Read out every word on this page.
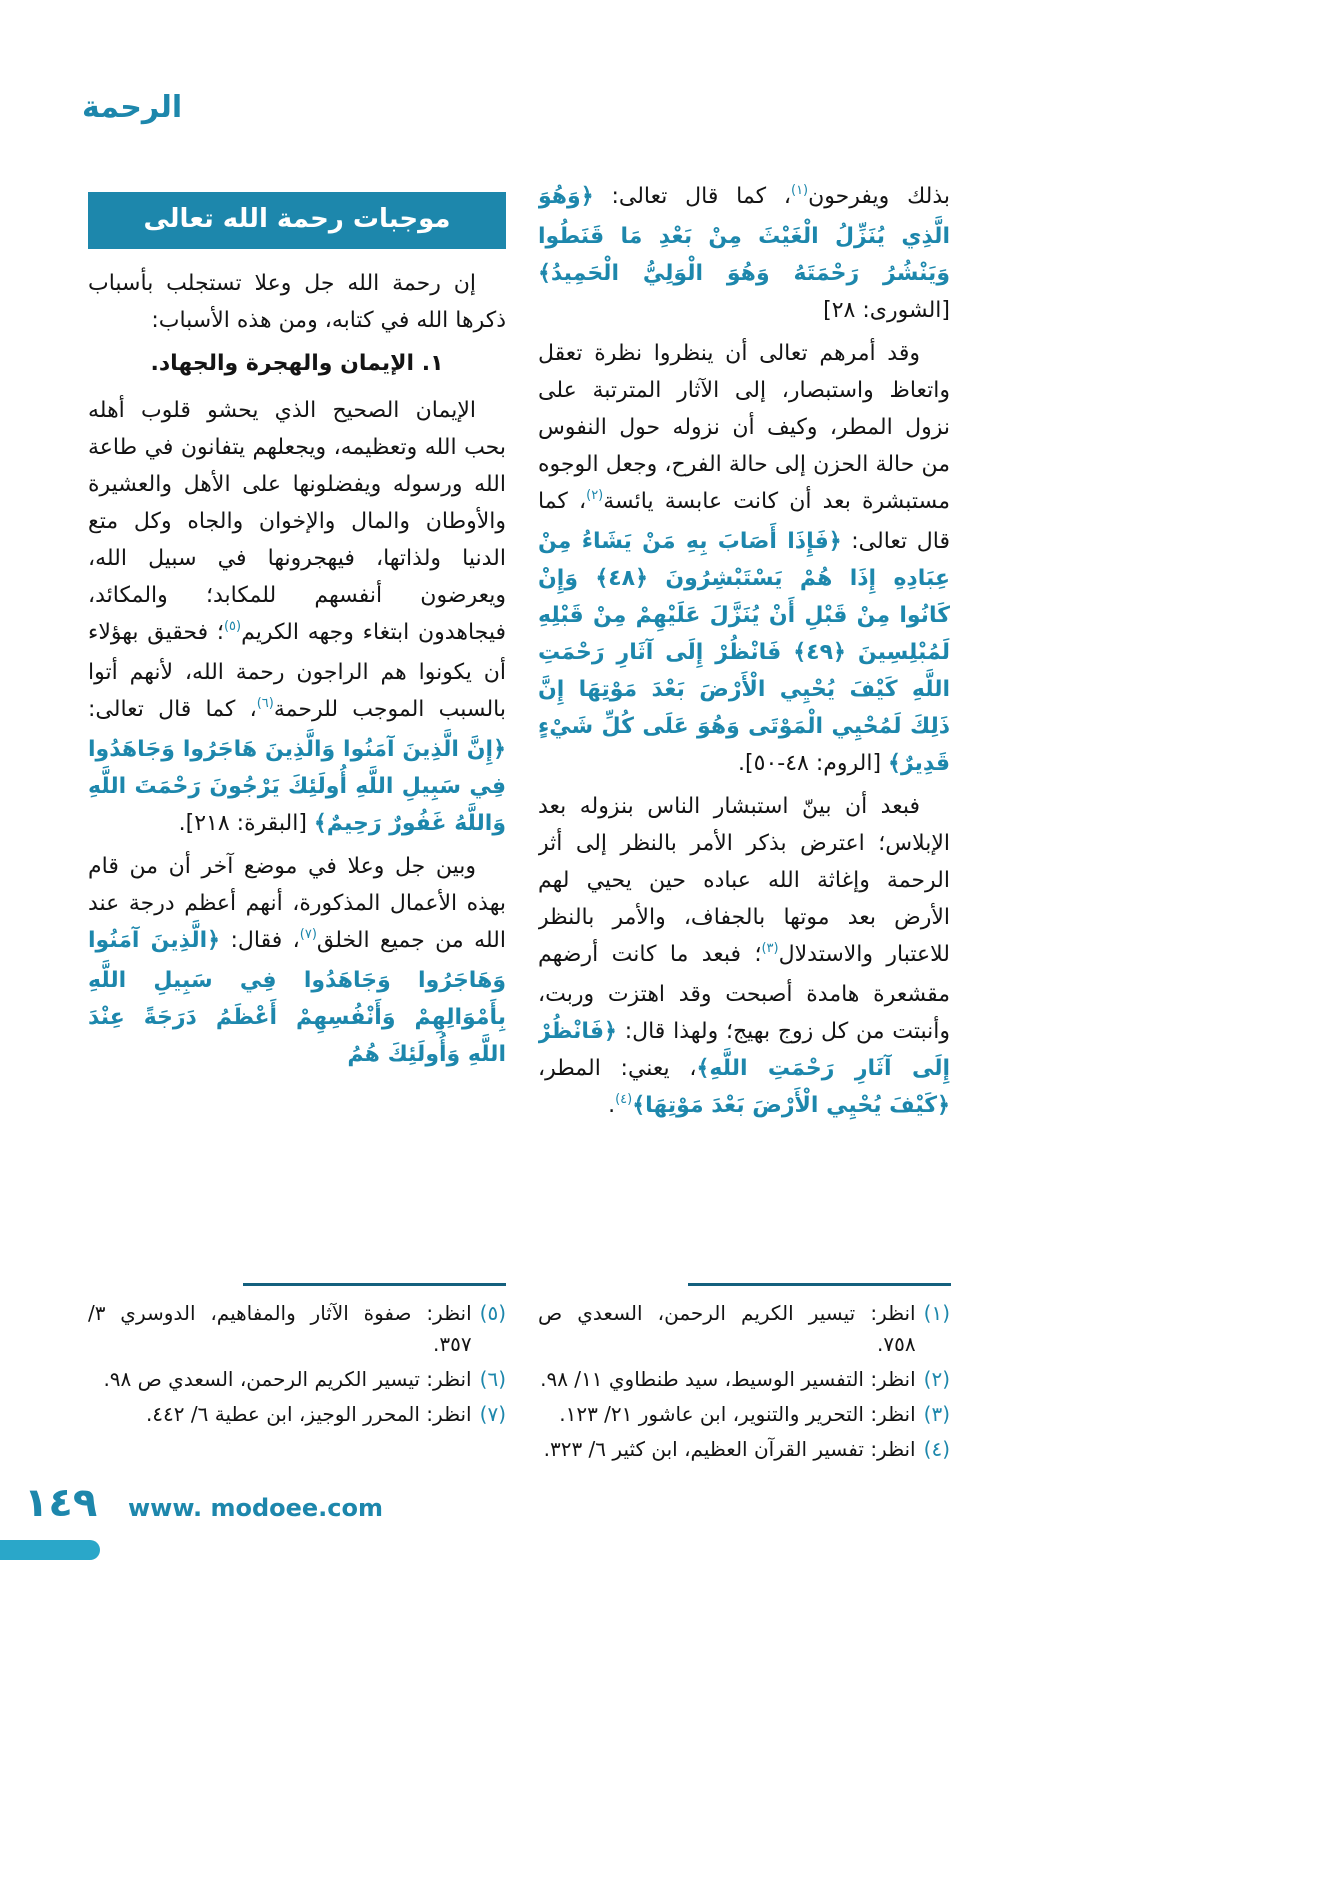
الرحمة

بذلك ويفرحون$^{(١)}$، كما قال تعالى: ﴿وَهُوَ الَّذِي يُنَزِّلُ الْغَيْثَ مِنْ بَعْدِ مَا قَنَطُوا وَيَنْشُرُ رَحْمَتَهُ وَهُوَ الْوَلِيُّ الْحَمِيدُ﴾ [الشورى: ٢٨]

وقد أمرهم تعالى أن ينظروا نظرة تعقل واتعاظ واستبصار، إلى الآثار المترتبة على نزول المطر، وكيف أن نزوله حول النفوس من حالة الحزن إلى حالة الفرح، وجعل الوجوه مستبشرة بعد أن كانت عابسة يائسة$^{(٢)}$، كما قال تعالى: ﴿فَإِذَا أَصَابَ بِهِ مَنْ يَشَاءُ مِنْ عِبَادِهِ إِذَا هُمْ يَسْتَبْشِرُونَ ﴿٤٨﴾ وَإِنْ كَانُوا مِنْ قَبْلِ أَنْ يُنَزَّلَ عَلَيْهِمْ مِنْ قَبْلِهِ لَمُبْلِسِينَ ﴿٤٩﴾ فَانْظُرْ إِلَى آثَارِ رَحْمَتِ اللَّهِ كَيْفَ يُحْيِي الْأَرْضَ بَعْدَ مَوْتِهَا إِنَّ ذَلِكَ لَمُحْيِي الْمَوْتَى وَهُوَ عَلَى كُلِّ شَيْءٍ قَدِيرٌ﴾ [الروم: ٤٨-٥٠].

فبعد أن بينّ استبشار الناس بنزوله بعد الإبلاس؛ اعترض بذكر الأمر بالنظر إلى أثر الرحمة وإغاثة الله عباده حين يحيي لهم الأرض بعد موتها بالجفاف، والأمر بالنظر للاعتبار والاستدلال$^{(٣)}$؛ فبعد ما كانت أرضهم مقشعرة هامدة أصبحت وقد اهتزت وربت، وأنبتت من كل زوج بهيج؛ ولهذا قال: ﴿فَانْظُرْ إِلَى آثَارِ رَحْمَتِ اللَّهِ﴾، يعني: المطر، ﴿كَيْفَ يُحْيِي الْأَرْضَ بَعْدَ مَوْتِهَا﴾$^{(٤)}$.

موجبات رحمة الله تعالى

إن رحمة الله جل وعلا تستجلب بأسباب ذكرها الله في كتابه، ومن هذه الأسباب:

١. الإيمان والهجرة والجهاد.

الإيمان الصحيح الذي يحشو قلوب أهله بحب الله وتعظيمه، ويجعلهم يتفانون في طاعة الله ورسوله ويفضلونها على الأهل والعشيرة والأوطان والمال والإخوان والجاه وكل متع الدنيا ولذاتها، فيهجرونها في سبيل الله، ويعرضون أنفسهم للمكابد؛ والمكائد، فيجاهدون ابتغاء وجهه الكريم$^{(٥)}$؛ فحقيق بهؤلاء أن يكونوا هم الراجون رحمة الله، لأنهم أتوا بالسبب الموجب للرحمة$^{(٦)}$، كما قال تعالى: ﴿إِنَّ الَّذِينَ آمَنُوا وَالَّذِينَ هَاجَرُوا وَجَاهَدُوا فِي سَبِيلِ اللَّهِ أُولَئِكَ يَرْجُونَ رَحْمَتَ اللَّهِ وَاللَّهُ غَفُورٌ رَحِيمٌ﴾ [البقرة: ٢١٨].

وبين جل وعلا في موضع آخر أن من قام بهذه الأعمال المذكورة، أنهم أعظم درجة عند الله من جميع الخلق$^{(٧)}$، فقال: ﴿الَّذِينَ آمَنُوا وَهَاجَرُوا وَجَاهَدُوا فِي سَبِيلِ اللَّهِ بِأَمْوَالِهِمْ وَأَنْفُسِهِمْ أَعْظَمُ دَرَجَةً عِنْدَ اللَّهِ وَأُولَئِكَ هُمُ

(١)
انظر: تيسير الكريم الرحمن، السعدي ص ٧٥٨.
(٢)
انظر: التفسير الوسيط، سيد طنطاوي ١١/ ٩٨.
(٣)
انظر: التحرير والتنوير، ابن عاشور ٢١/ ١٢٣.
(٤)
انظر: تفسير القرآن العظيم، ابن كثير ٦/ ٣٢٣.
(٥)
انظر: صفوة الآثار والمفاهيم، الدوسري ٣/ ٣٥٧.
(٦)
انظر: تيسير الكريم الرحمن، السعدي ص ٩٨.
(٧)
انظر: المحرر الوجيز، ابن عطية ٦/ ٤٤٢.
١٤٩ www. modoee.com
